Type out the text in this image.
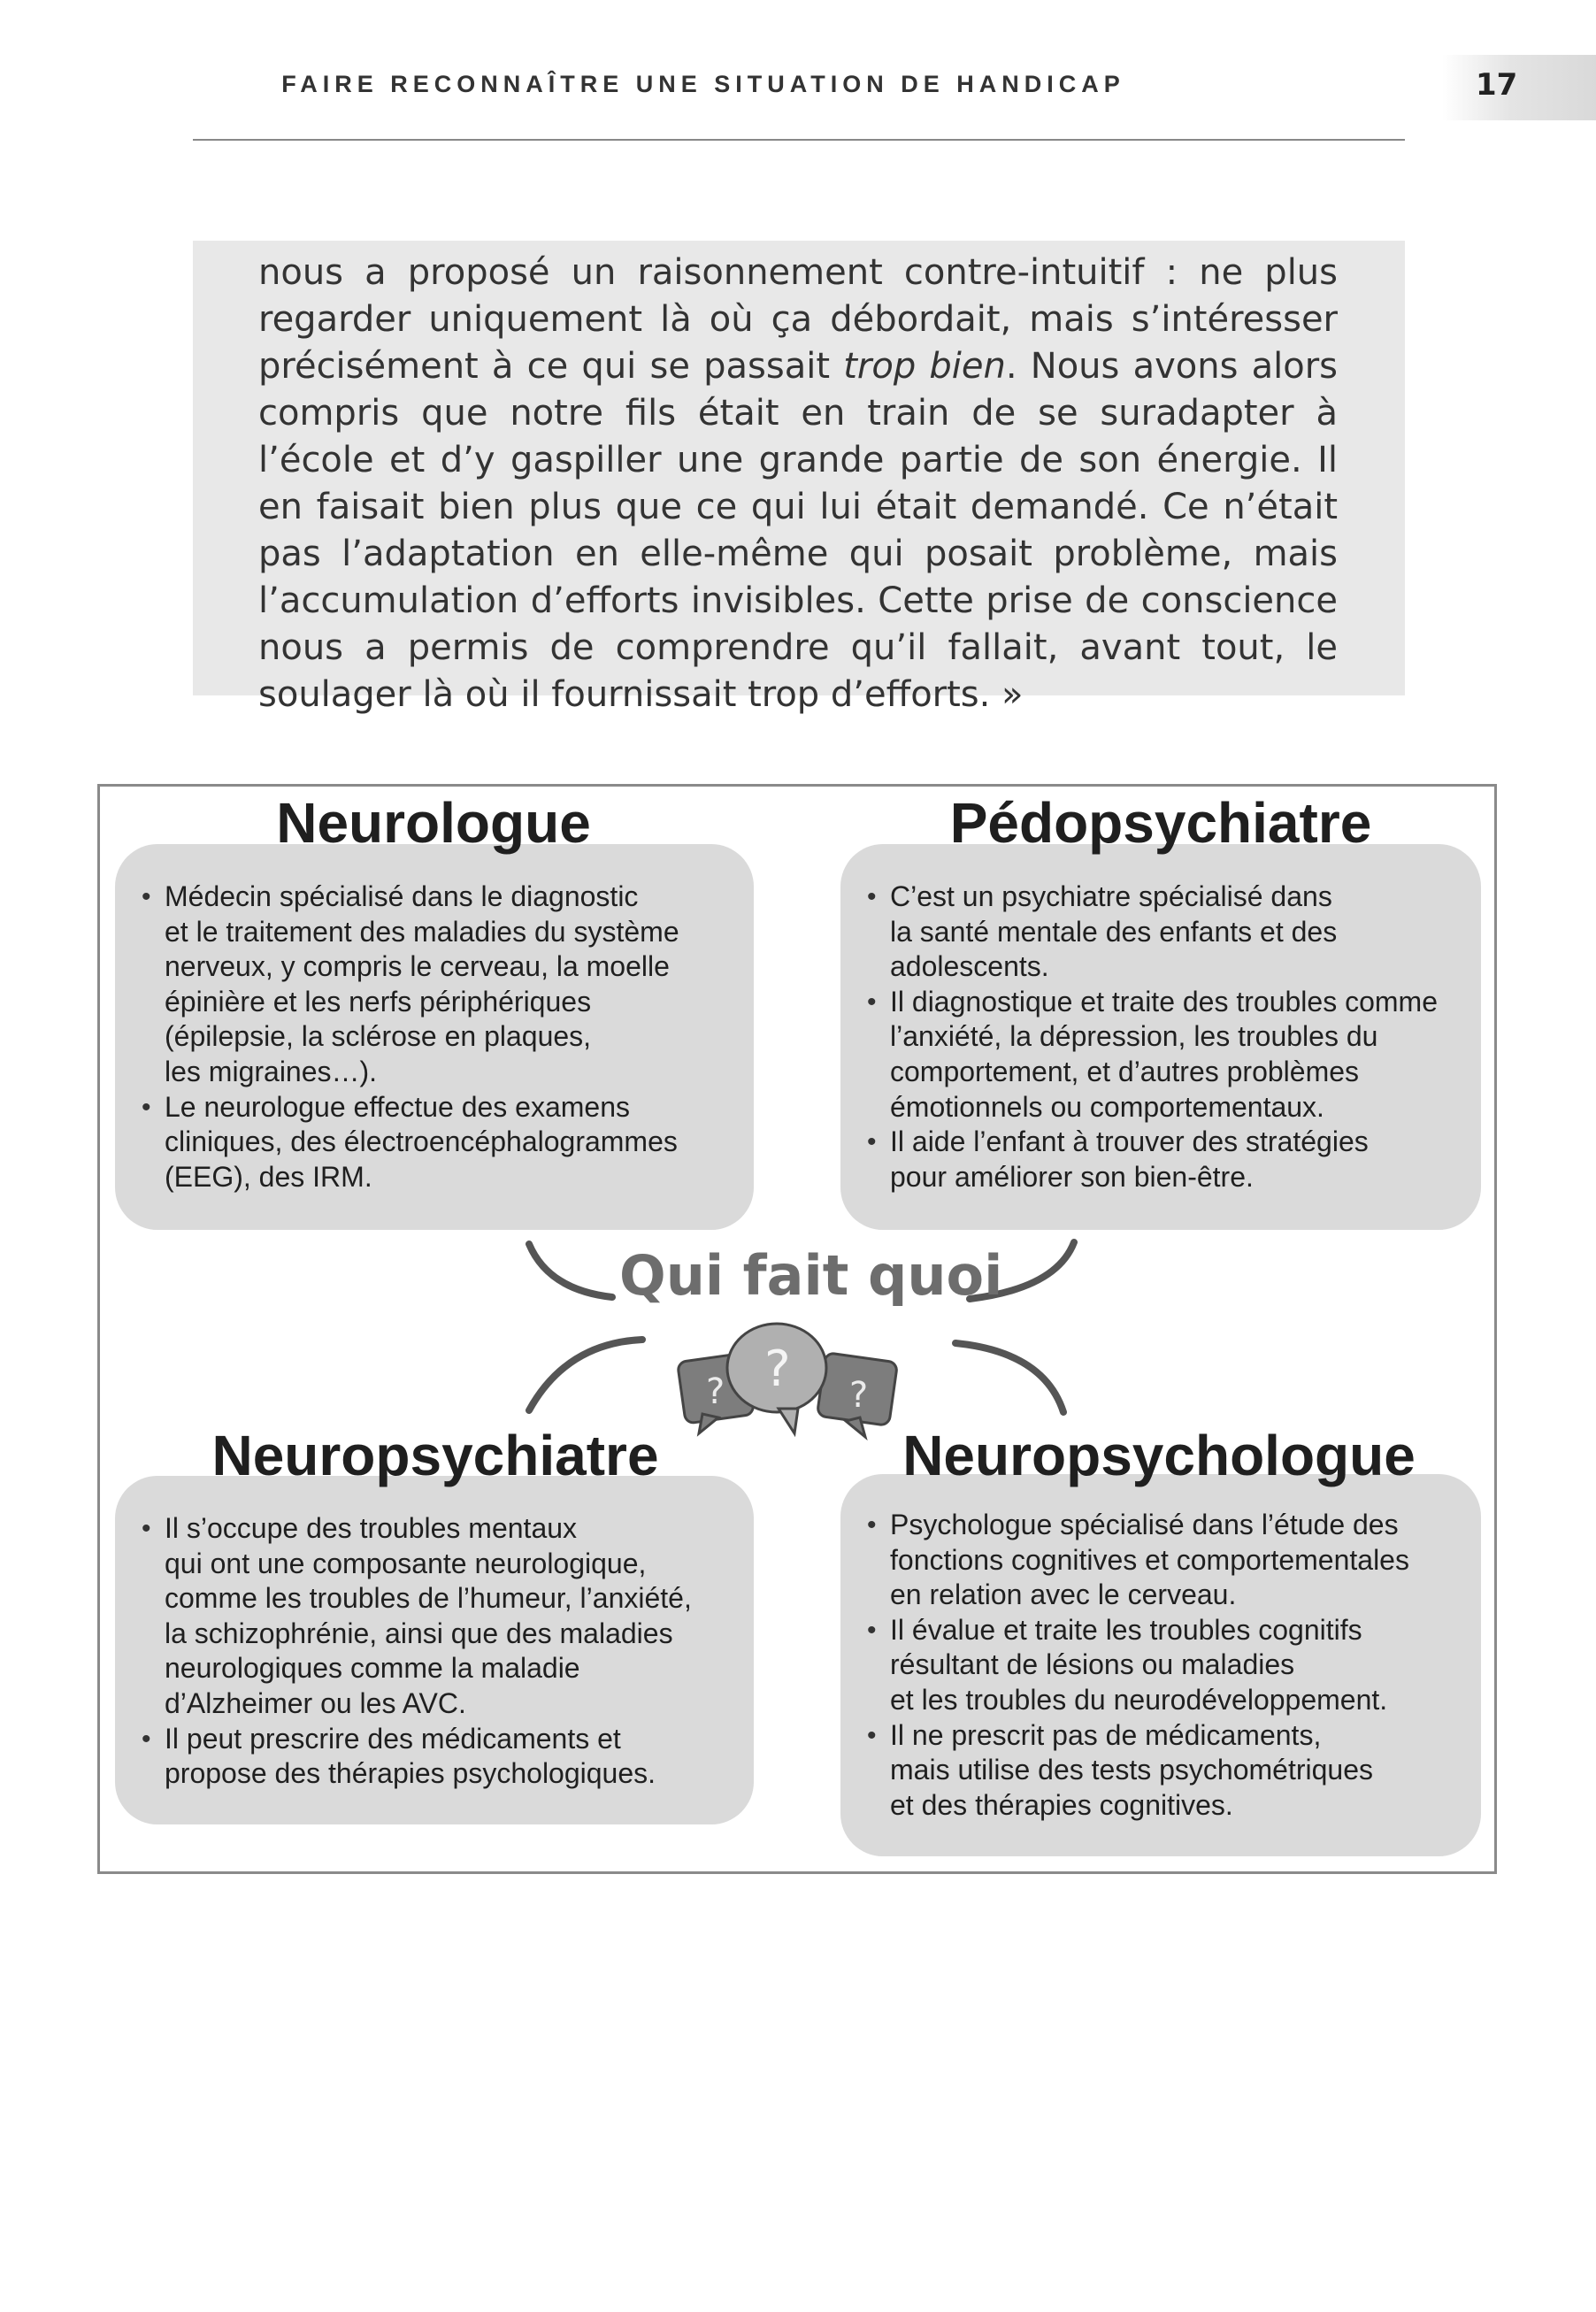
FAIRE RECONNAÎTRE UNE SITUATION DE HANDICAP	17

nous a proposé un raisonnement contre-intuitif : ne plus regarder uniquement là où ça débordait, mais s’intéresser précisément à ce qui se passait trop bien. Nous avons alors compris que notre fils était en train de se suradapter à l’école et d’y gaspiller une grande partie de son énergie. Il en faisait bien plus que ce qui lui était demandé. Ce n’était pas l’adaptation en elle-même qui posait problème, mais l’accumulation d’efforts invisibles. Cette prise de conscience nous a permis de comprendre qu’il fallait, avant tout, le soulager là où il fournissait trop d’efforts. »

• Médecin spécialisé dans le diagnostic
et le traitement des maladies du système
nerveux, y compris le cerveau, la moelle
épinière et les nerfs périphériques
(épilepsie, la sclérose en plaques,
les migraines…).
• Le neurologue effectue des examens
cliniques, des électroencéphalogrammes
(EEG), des IRM.
Neurologue
• C’est un psychiatre spécialisé dans
la santé mentale des enfants et des
adolescents.
• Il diagnostique et traite des troubles comme
l’anxiété, la dépression, les troubles du
comportement, et d’autres problèmes
émotionnels ou comportementaux.
• Il aide l’enfant à trouver des stratégies
pour améliorer son bien-être.
Pédopsychiatre
• Il s’occupe des troubles mentaux
qui ont une composante neurologique,
comme les troubles de l’humeur, l’anxiété,
la schizophrénie, ainsi que des maladies
neurologiques comme la maladie
d’Alzheimer ou les AVC.
• Il peut prescrire des médicaments et
propose des thérapies psychologiques.
Neuropsychiatre
• Psychologue spécialisé dans l’étude des
fonctions cognitives et comportementales
en relation avec le cerveau.
• Il évalue et traite les troubles cognitifs
résultant de lésions ou maladies
et les troubles du neurodéveloppement.
• Il ne prescrit pas de médicaments,
mais utilise des tests psychométriques
et des thérapies cognitives.
Neuropsychologue
? ? ?
Qui fait quoi
